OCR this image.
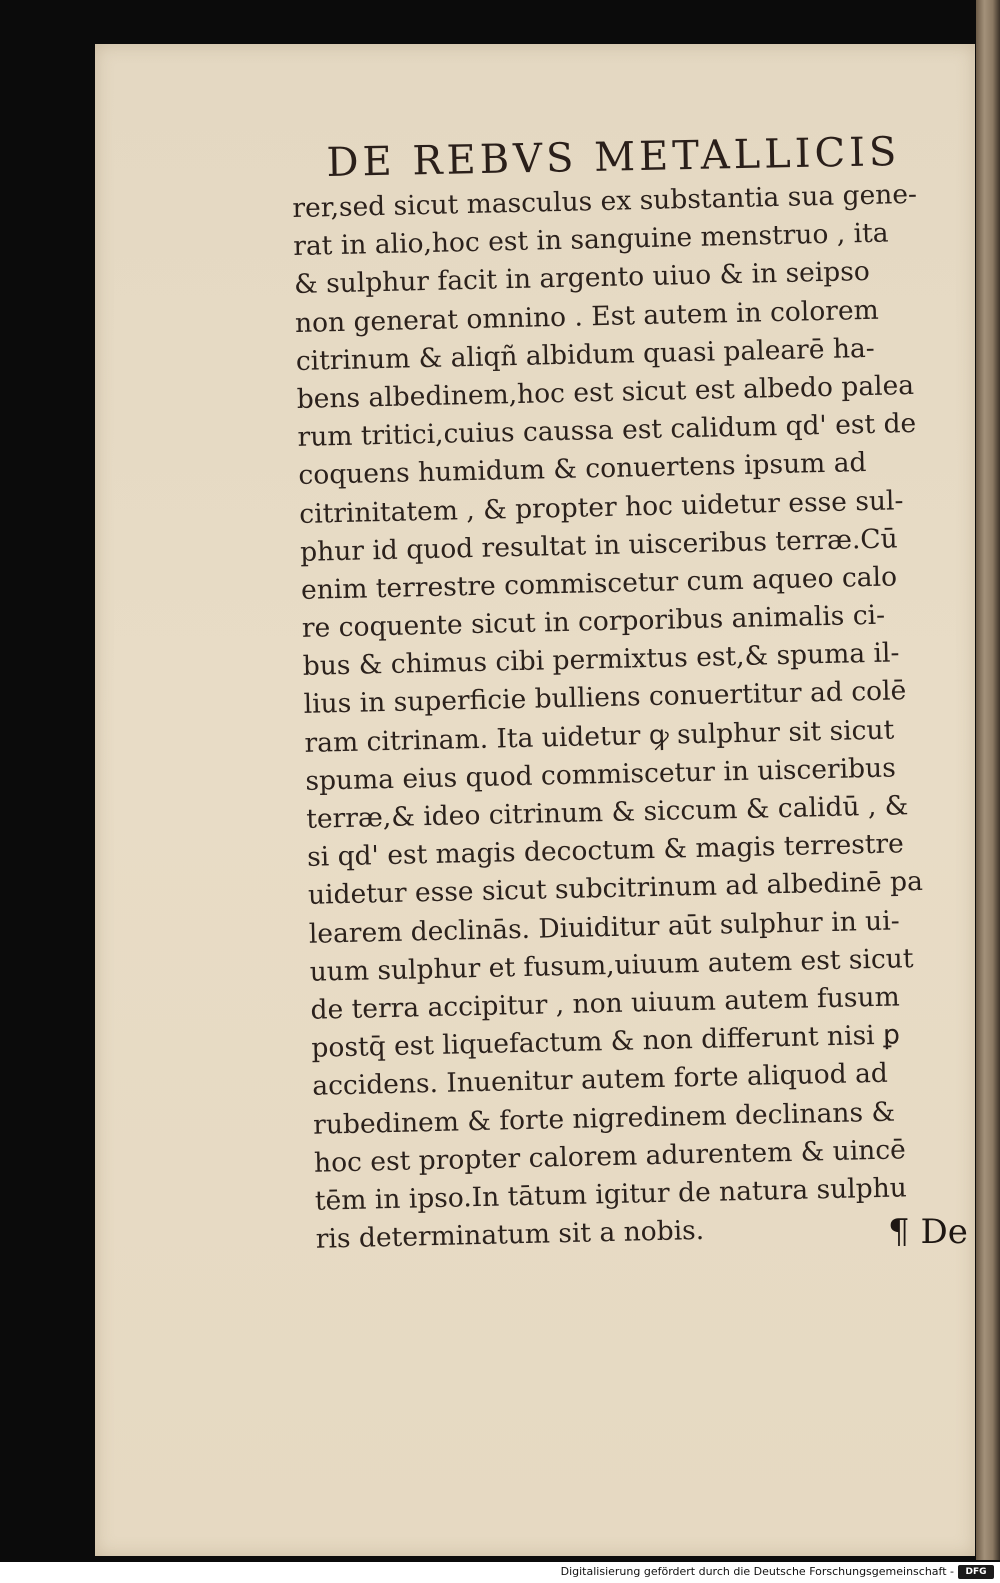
DE REBVS METALLICIS
rer,sed sicut masculus ex substantia sua gene-
rat in alio,hoc est in sanguine menstruo , ita
& sulphur facit in argento uiuo & in seipso
non generat omnino . Est autem in colorem
citrinum & aliqñ albidum quasi palearē ha-
bens albedinem,hoc est sicut est albedo palea
rum tritici,cuius caussa est calidum qd' est de
coquens humidum & conuertens ipsum ad
citrinitatem , & propter hoc uidetur esse sul-
phur id quod resultat in uisceribus terræ.Cū
enim terrestre commiscetur cum aqueo calo
re coquente sicut in corporibus animalis ci-
bus & chimus cibi permixtus est,& spuma il-
lius in superficie bulliens conuertitur ad colē
ram citrinam. Ita uidetur ꝙ sulphur sit sicut
spuma eius quod commiscetur in uisceribus
terræ,& ideo citrinum & siccum & calidū , &
si qd' est magis decoctum & magis terrestre
uidetur esse sicut subcitrinum ad albedinē pa
learem declinās. Diuiditur aūt sulphur in ui-
uum sulphur et fusum,uiuum autem est sicut
de terra accipitur , non uiuum autem fusum
postq̄ est liquefactum & non differunt nisi ꝑ
accidens. Inuenitur autem forte aliquod ad
rubedinem & forte nigredinem declinans &
hoc est propter calorem adurentem & uincē
tēm in ipso.In tātum igitur de natura sulphu
ris determinatum sit a nobis.	¶ De
Digitalisierung gefördert durch die Deutsche Forschungsgemeinschaft -	DFG
